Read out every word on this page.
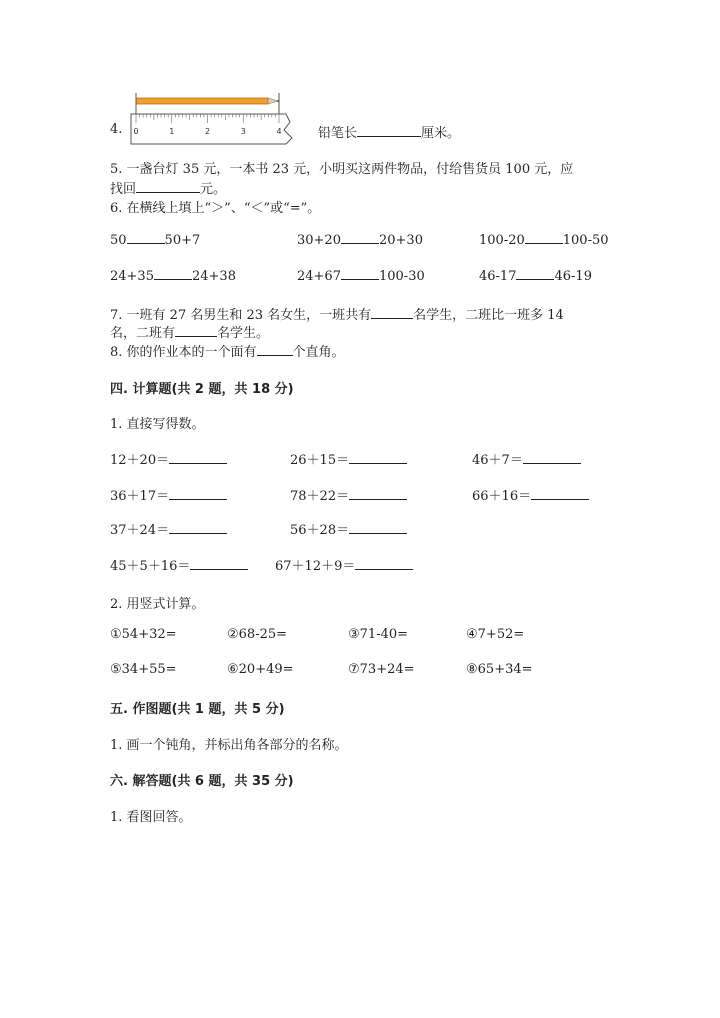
4. 0	1	2	3	4	铅笔长	厘米。
5. 一盏台灯 35 元，一本书 23 元，小明买这两件物品，付给售货员 100 元，应
找回	元。
6. 在横线上填上“＞”、“＜”或“=”。
50	50+7	30+20	20+30	100-20	100-50
24+35	24+38	24+67	100-30	46-17	46-19
7. 一班有 27 名男生和 23 名女生，一班共有	名学生，二班比一班多 14
名，二班有	名学生。
8. 你的作业本的一个面有	个直角。
四. 计算题(共 2 题，共 18 分)
1. 直接写得数。
12＋20＝	26＋15＝	46＋7＝
36＋17＝	78＋22＝	66＋16＝
37＋24＝	56＋28＝
45＋5＋16＝	67＋12＋9＝
2. 用竖式计算。
①54+32=	②68-25=	③71-40=	④7+52=
⑤34+55=	⑥20+49=	⑦73+24=	⑧65+34=
五. 作图题(共 1 题，共 5 分)
1. 画一个钝角，并标出角各部分的名称。
六. 解答题(共 6 题，共 35 分)
1. 看图回答。
